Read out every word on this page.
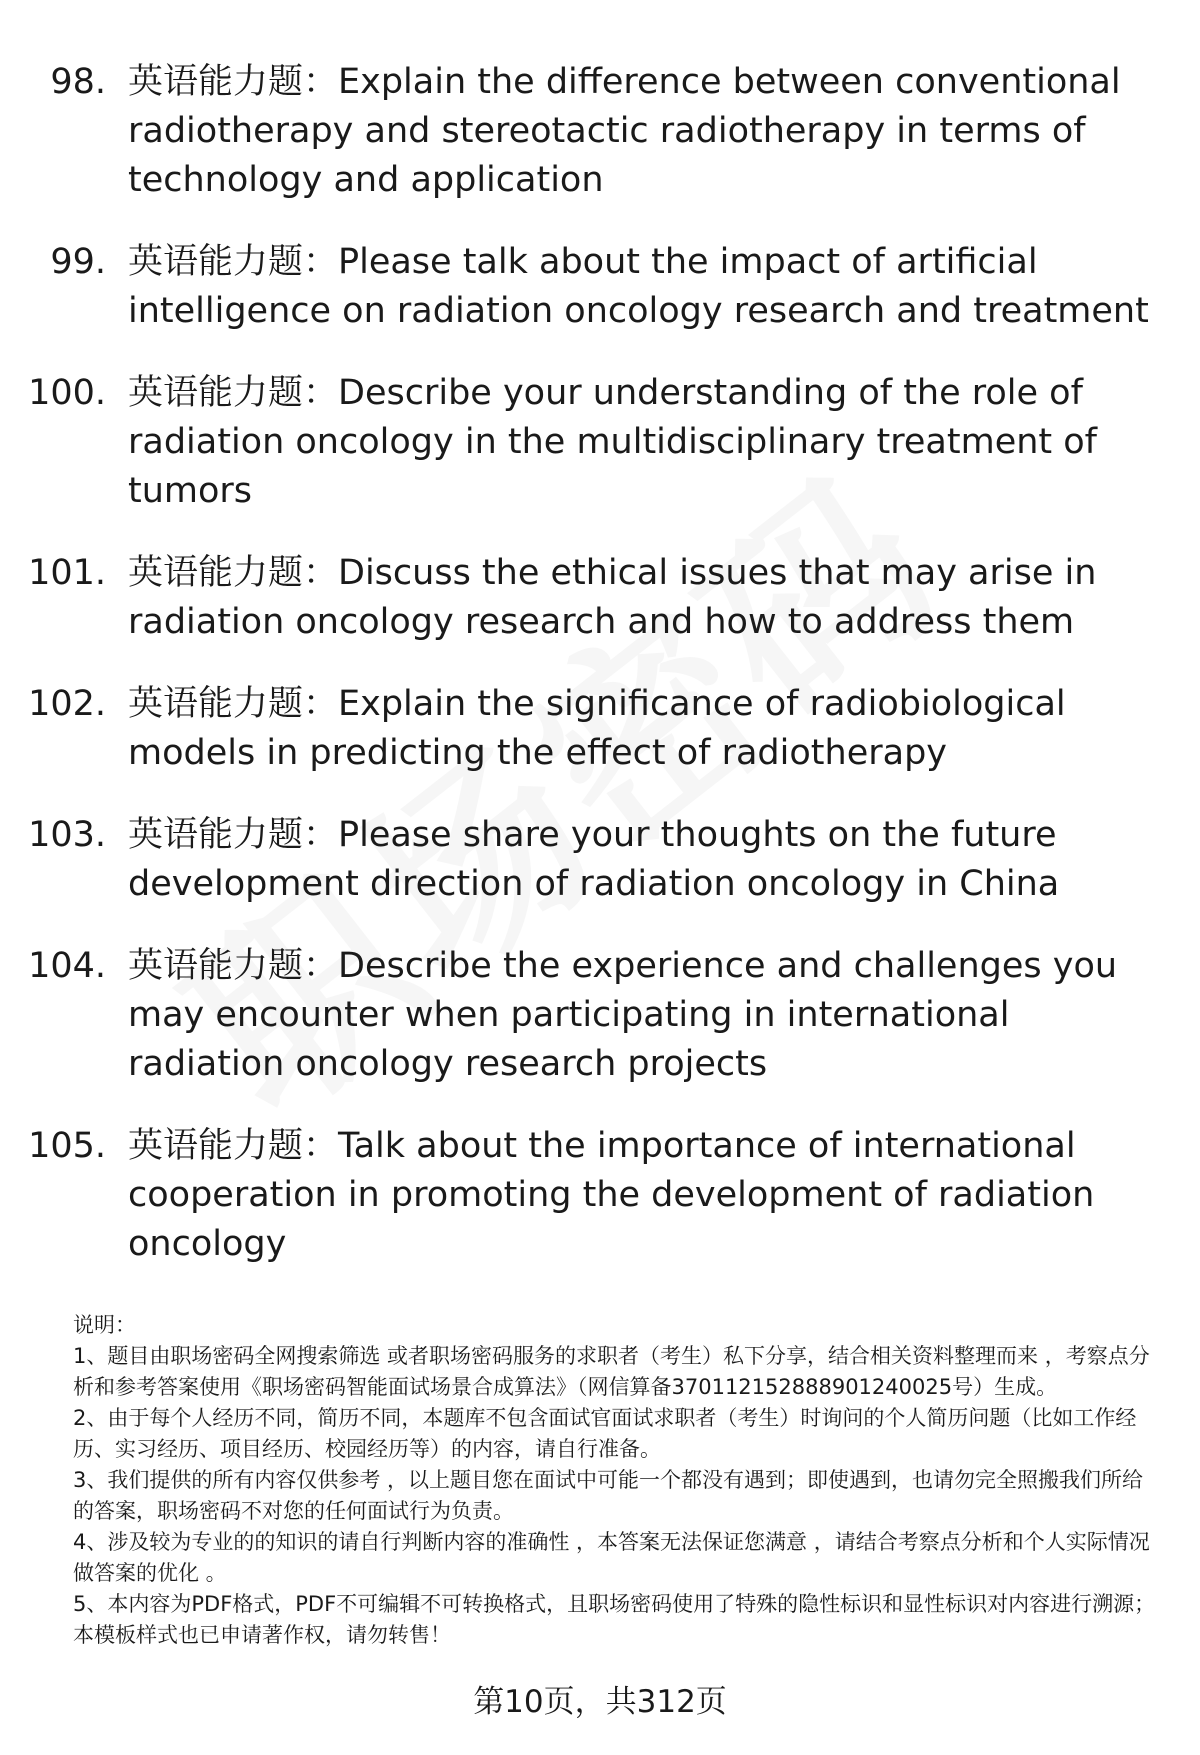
98. 英语能力题：Explain the difference between conventional radiotherapy and stereotactic radiotherapy in terms of technology and application
99. 英语能力题：Please talk about the impact of artificial intelligence on radiation oncology research and treatment
100. 英语能力题：Describe your understanding of the role of radiation oncology in the multidisciplinary treatment of tumors
101. 英语能力题：Discuss the ethical issues that may arise in radiation oncology research and how to address them
102. 英语能力题：Explain the significance of radiobiological models in predicting the effect of radiotherapy
103. 英语能力题：Please share your thoughts on the future development direction of radiation oncology in China
104. 英语能力题：Describe the experience and challenges you may encounter when participating in international radiation oncology research projects
105. 英语能力题：Talk about the importance of international cooperation in promoting the development of radiation oncology

说明：

1、题目由职场密码全网搜索筛选 或者职场密码服务的求职者（考生）私下分享，结合相关资料整理而来 ，考察点分析和参考答案使用《职场密码智能面试场景合成算法》（网信算备370112152888901240025号）生成。

2、由于每个人经历不同，简历不同，本题库不包含面试官面试求职者（考生）时询问的个人简历问题（比如工作经历、实习经历、项目经历、校园经历等）的内容，请自行准备。

3、我们提供的所有内容仅供参考 ，以上题目您在面试中可能一个都没有遇到；即使遇到，也请勿完全照搬我们所给的答案，职场密码不对您的任何面试行为负责。

4、涉及较为专业的的知识的请自行判断内容的准确性 ，本答案无法保证您满意 ，请结合考察点分析和个人实际情况做答案的优化 。

5、本内容为PDF格式，PDF不可编辑不可转换格式，且职场密码使用了特殊的隐性标识和显性标识对内容进行溯源；本模板样式也已申请著作权，请勿转售！

第10页，共312页
